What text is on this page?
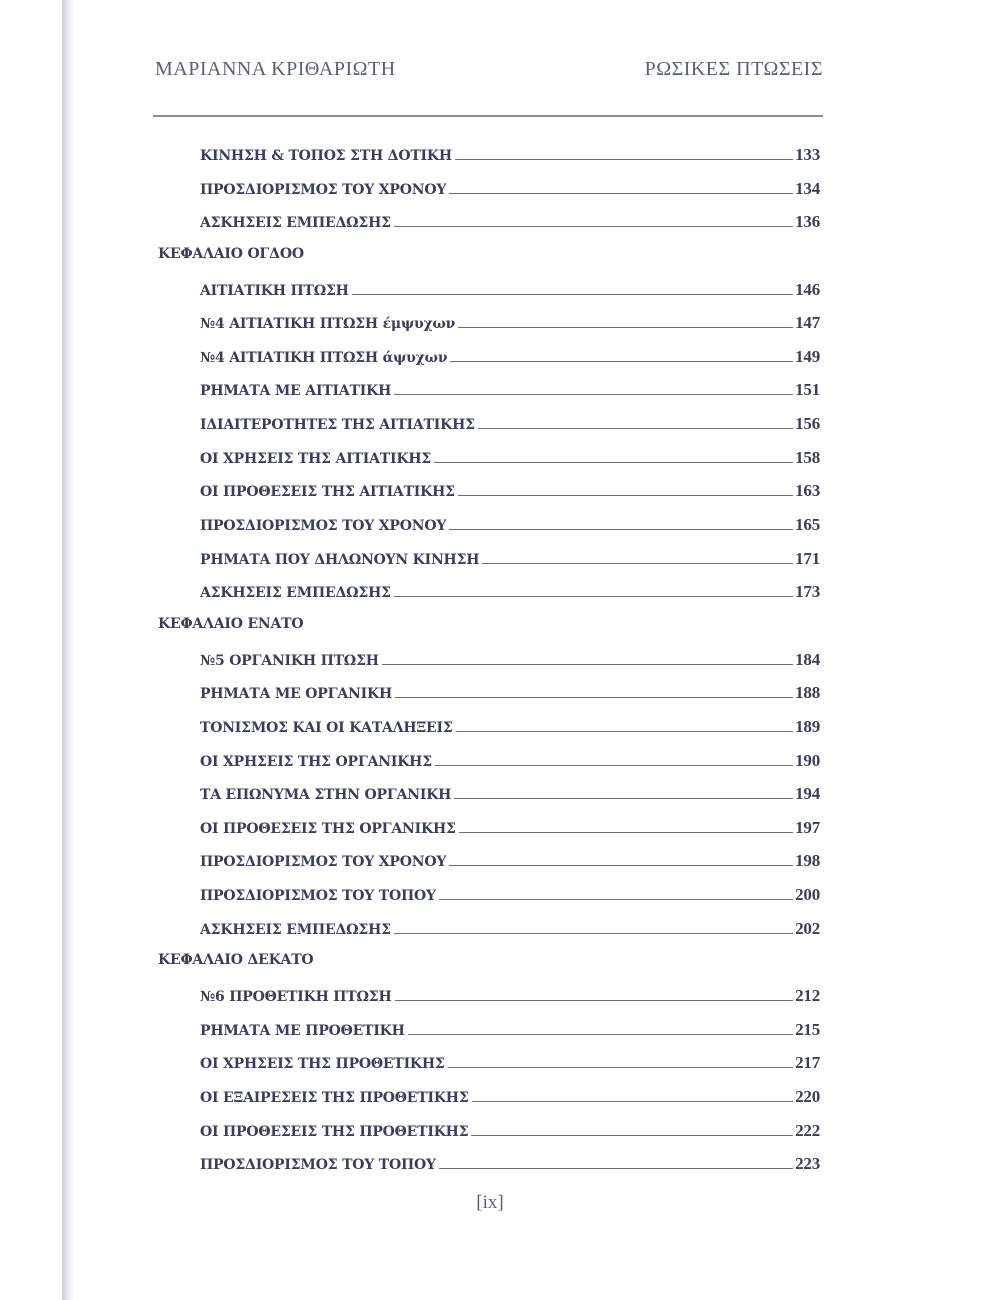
ΜΑΡΙΑΝΝΑ ΚΡΙΘΑΡΙΩΤΗ	ΡΩΣΙΚΕΣ ΠΤΩΣΕΙΣ
ΚΙΝΗΣΗ & ΤΟΠΟΣ ΣΤΗ ΔΟΤΙΚΗ	133
ΠΡΟΣΔΙΟΡΙΣΜΟΣ ΤΟΥ ΧΡΟΝΟΥ	134
ΑΣΚΗΣΕΙΣ ΕΜΠΕΔΩΣΗΣ	136
ΚΕΦΑΛΑΙΟ ΟΓΔΟΟ
ΑΙΤΙΑΤΙΚΗ ΠΤΩΣΗ	146
№4 ΑΙΤΙΑΤΙΚΗ ΠΤΩΣΗ έμψυχων	147
№4 ΑΙΤΙΑΤΙΚΗ ΠΤΩΣΗ άψυχων	149
ΡΗΜΑΤΑ ΜΕ ΑΙΤΙΑΤΙΚΗ	151
ΙΔΙΑΙΤΕΡΟΤΗΤΕΣ ΤΗΣ ΑΙΤΙΑΤΙΚΗΣ	156
ΟΙ ΧΡΗΣΕΙΣ ΤΗΣ ΑΙΤΙΑΤΙΚΗΣ	158
ΟΙ ΠΡΟΘΕΣΕΙΣ ΤΗΣ ΑΙΤΙΑΤΙΚΗΣ	163
ΠΡΟΣΔΙΟΡΙΣΜΟΣ ΤΟΥ ΧΡΟΝΟΥ	165
ΡΗΜΑΤΑ ΠΟΥ ΔΗΛΩΝΟΥΝ ΚΙΝΗΣΗ	171
ΑΣΚΗΣΕΙΣ ΕΜΠΕΔΩΣΗΣ	173
ΚΕΦΑΛΑΙΟ ΕΝΑΤΟ
№5 ΟΡΓΑΝΙΚΗ ΠΤΩΣΗ	184
ΡΗΜΑΤΑ ΜΕ ΟΡΓΑΝΙΚΗ	188
ΤΟΝΙΣΜΟΣ ΚΑΙ ΟΙ ΚΑΤΑΛΗΞΕΙΣ	189
ΟΙ ΧΡΗΣΕΙΣ ΤΗΣ ΟΡΓΑΝΙΚΗΣ	190
ΤΑ ΕΠΩΝΥΜΑ ΣΤΗΝ ΟΡΓΑΝΙΚΗ	194
ΟΙ ΠΡΟΘΕΣΕΙΣ ΤΗΣ ΟΡΓΑΝΙΚΗΣ	197
ΠΡΟΣΔΙΟΡΙΣΜΟΣ ΤΟΥ ΧΡΟΝΟΥ	198
ΠΡΟΣΔΙΟΡΙΣΜΟΣ ΤΟΥ ΤΟΠΟΥ	200
ΑΣΚΗΣΕΙΣ ΕΜΠΕΔΩΣΗΣ	202
ΚΕΦΑΛΑΙΟ ΔΕΚΑΤΟ
№6 ΠΡΟΘΕΤΙΚΗ ΠΤΩΣΗ	212
ΡΗΜΑΤΑ ΜΕ ΠΡΟΘΕΤΙΚΗ	215
ΟΙ ΧΡΗΣΕΙΣ ΤΗΣ ΠΡΟΘΕΤΙΚΗΣ	217
ΟΙ ΕΞΑΙΡΕΣΕΙΣ ΤΗΣ ΠΡΟΘΕΤΙΚΗΣ	220
ΟΙ ΠΡΟΘΕΣΕΙΣ ΤΗΣ ΠΡΟΘΕΤΙΚΗΣ	222
ΠΡΟΣΔΙΟΡΙΣΜΟΣ ΤΟΥ ΤΟΠΟΥ	223
[ix]
